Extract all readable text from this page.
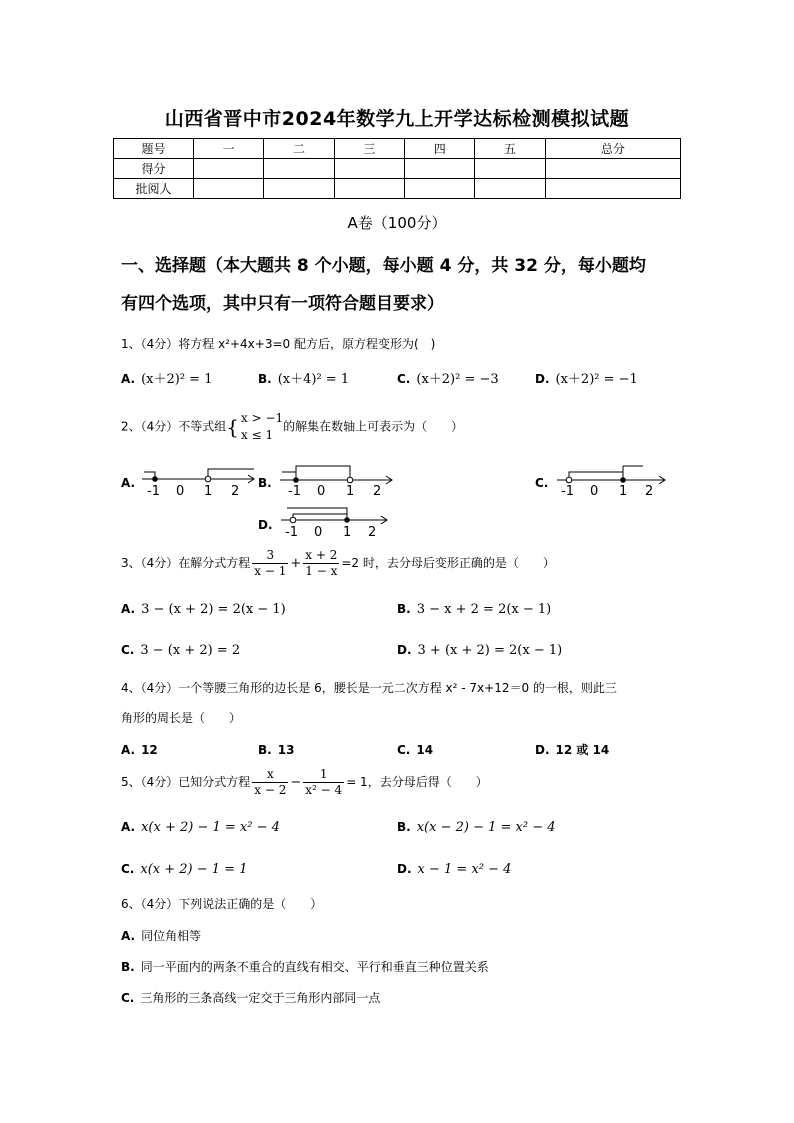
山西省晋中市2024年数学九上开学达标检测模拟试题
题号	一	二	三	四	五	总分
得分						
批阅人						
A卷（100分）
一、选择题（本大题共 8 个小题，每小题 4 分，共 32 分，每小题均
有四个选项，其中只有一项符合题目要求）
1、（4分）将方程 x²+4x+3=0 配方后，原方程变形为(　)
A. (x＋2)² = 1	B. (x＋4)² = 1	C. (x＋2)² = −3	D. (x＋2)² = −1
2、（4分）不等式组{ x > −1
x ≤ 1
的解集在数轴上可表示为（　　）
A.
-1 0 1 2
B.
-1 0 1 2
C.
-1 0 1 2
D. -1 0 1 2
3、（4分）在解分式方程 $\frac{3}{x - 1} + \frac{x + 2}{1 - x} =2$ 时，去分母后变形正确的是（　　）
A. 3 − (x + 2) = 2(x − 1)	B. 3 − x + 2 = 2(x − 1)
C. 3 − (x + 2) = 2	D. 3 + (x + 2) = 2(x − 1)
4、（4分）一个等腰三角形的边长是 6，腰长是一元二次方程 x² - 7x+12＝0 的一根，则此三
角形的周长是（　　）
A. 12	B. 13	C. 14	D. 12 或 14
5、（4分）已知分式方程 $\frac{x}{x - 2} - \frac{1}{\text{x² − 4}} = 1$，去分母后得（　　）
A. x(x + 2) − 1 = x² − 4	B. x(x − 2) − 1 = x² − 4
C. x(x + 2) − 1 = 1	D. x − 1 = x² − 4
6、（4分）下列说法正确的是（　　）
A. 同位角相等
B. 同一平面内的两条不重合的直线有相交、平行和垂直三种位置关系
C. 三角形的三条高线一定交于三角形内部同一点
